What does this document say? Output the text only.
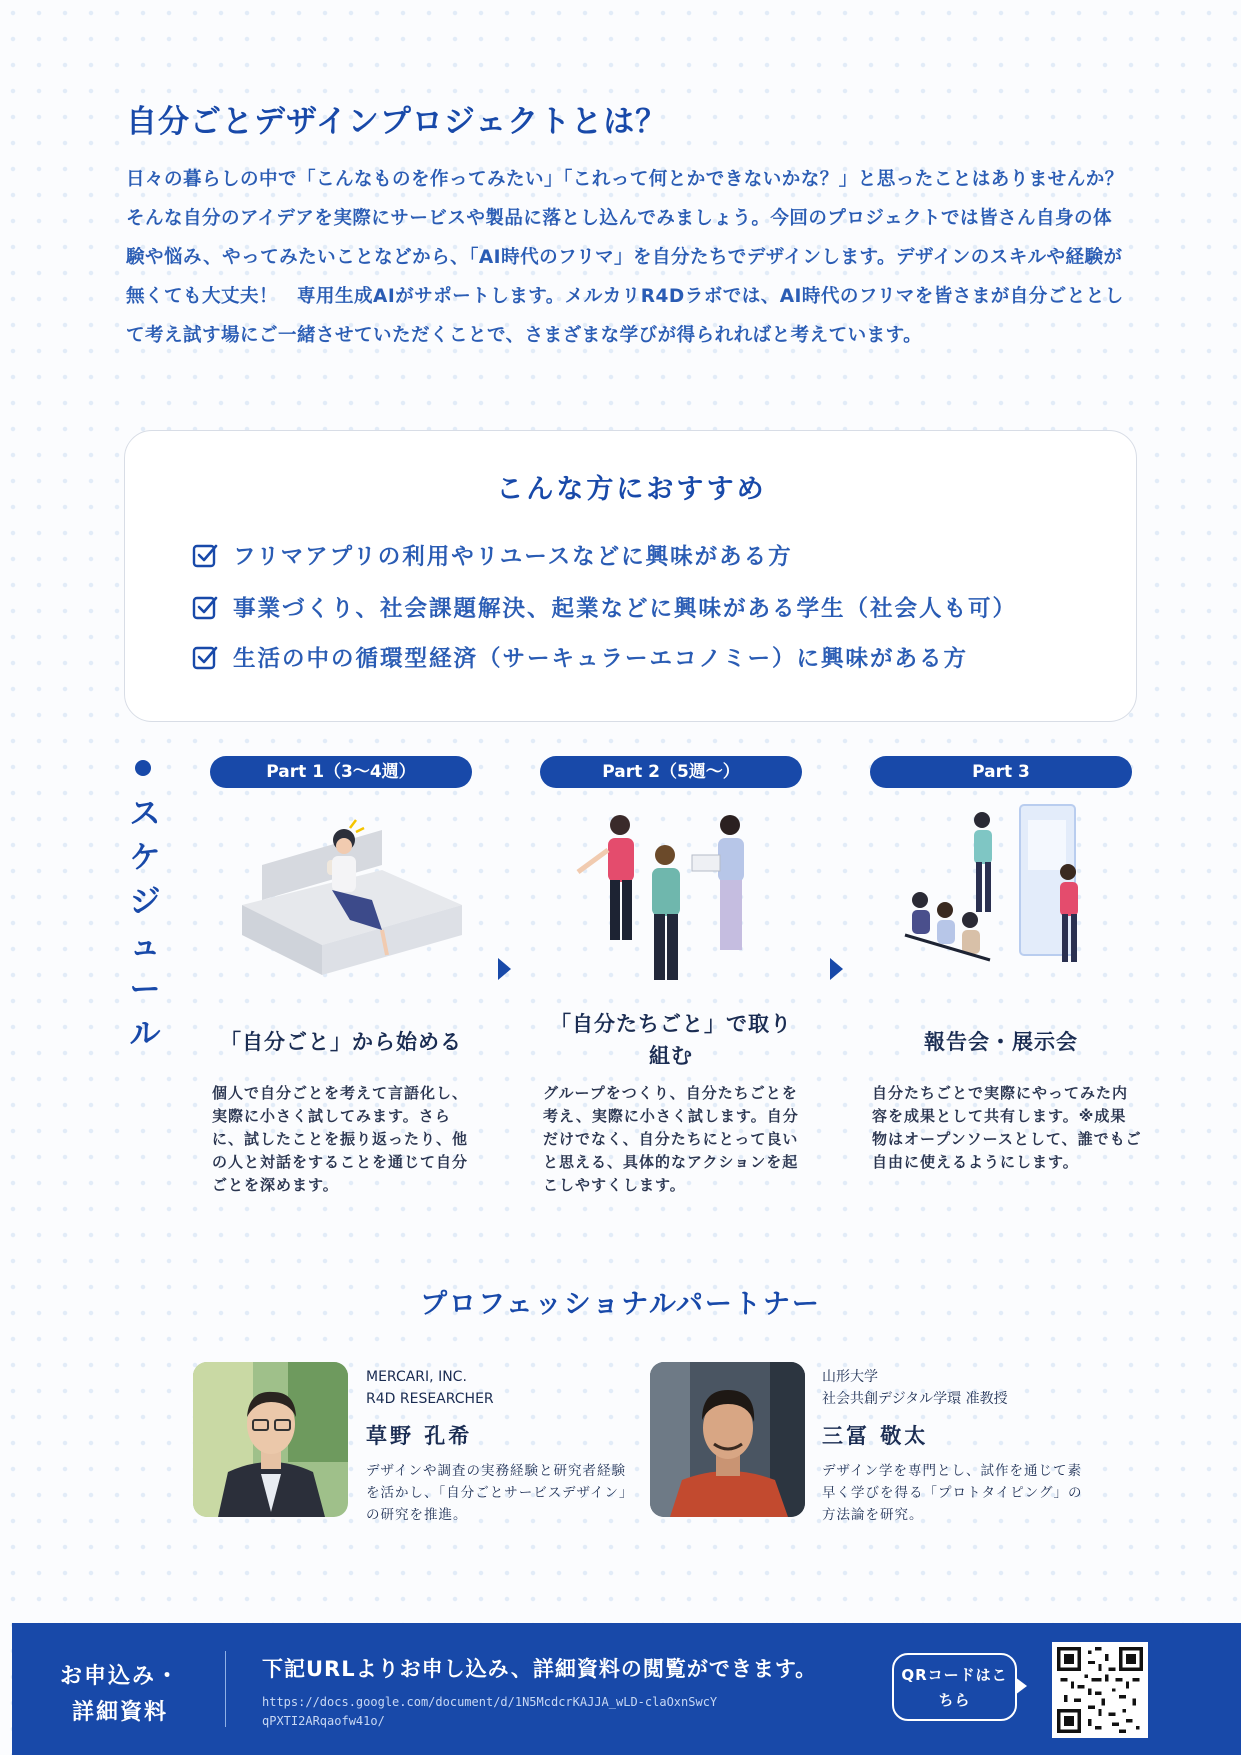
自分ごとデザインプロジェクトとは？
日々の暮らしの中で「こんなものを作ってみたい」「これって何とかできないかな？」と思ったことはありませんか？　そんな自分のアイデアを実際にサービスや製品に落とし込んでみましょう。今回のプロジェクトでは皆さん自身の体験や悩み、やってみたいことなどから、「AI時代のフリマ」を自分たちでデザインします。デザインのスキルや経験が無くても大丈夫！　専用生成AIがサポートします。メルカリR4Dラボでは、AI時代のフリマを皆さまが自分ごととして考え試す場にご一緒させていただくことで、さまざまな学びが得られればと考えています。
こんな方におすすめ
フリマアプリの利用やリユースなどに興味がある方
事業づくり、社会課題解決、起業などに興味がある学生（社会人も可）
生活の中の循環型経済（サーキュラーエコノミー）に興味がある方
スケジュール
Part 1（3〜4週）
「自分ごと」から始める
個人で自分ごとを考えて言語化し、実際に小さく試してみます。さらに、試したことを振り返ったり、他の人と対話をすることを通じて自分ごとを深めます。
Part 2（5週〜）
「自分たちごと」で取り組む
グループをつくり、自分たちごとを考え、実際に小さく試します。自分だけでなく、自分たちにとって良いと思える、具体的なアクションを起こしやすくします。
Part 3
報告会・展示会
自分たちごとで実際にやってみた内容を成果として共有します。※成果物はオープンソースとして、誰でもご自由に使えるようにします。
プロフェッショナルパートナー
MERCARI, INC.
R4D RESEARCHER
草野 孔希
デザインや調査の実務経験と研究者経験を活かし、「自分ごとサービスデザイン」の研究を推進。
山形大学
社会共創デジタル学環 准教授
三冨 敬太
デザイン学を専門とし、試作を通じて素早く学びを得る「プロトタイピング」の方法論を研究。
お申込み・詳細資料
下記URLよりお申し込み、詳細資料の閲覧ができます。
https://docs.google.com/document/d/1N5McdcrKAJJA_wLD-claOxnSwcYqPXTI2ARqaofw41o/
QRコードはこちら
